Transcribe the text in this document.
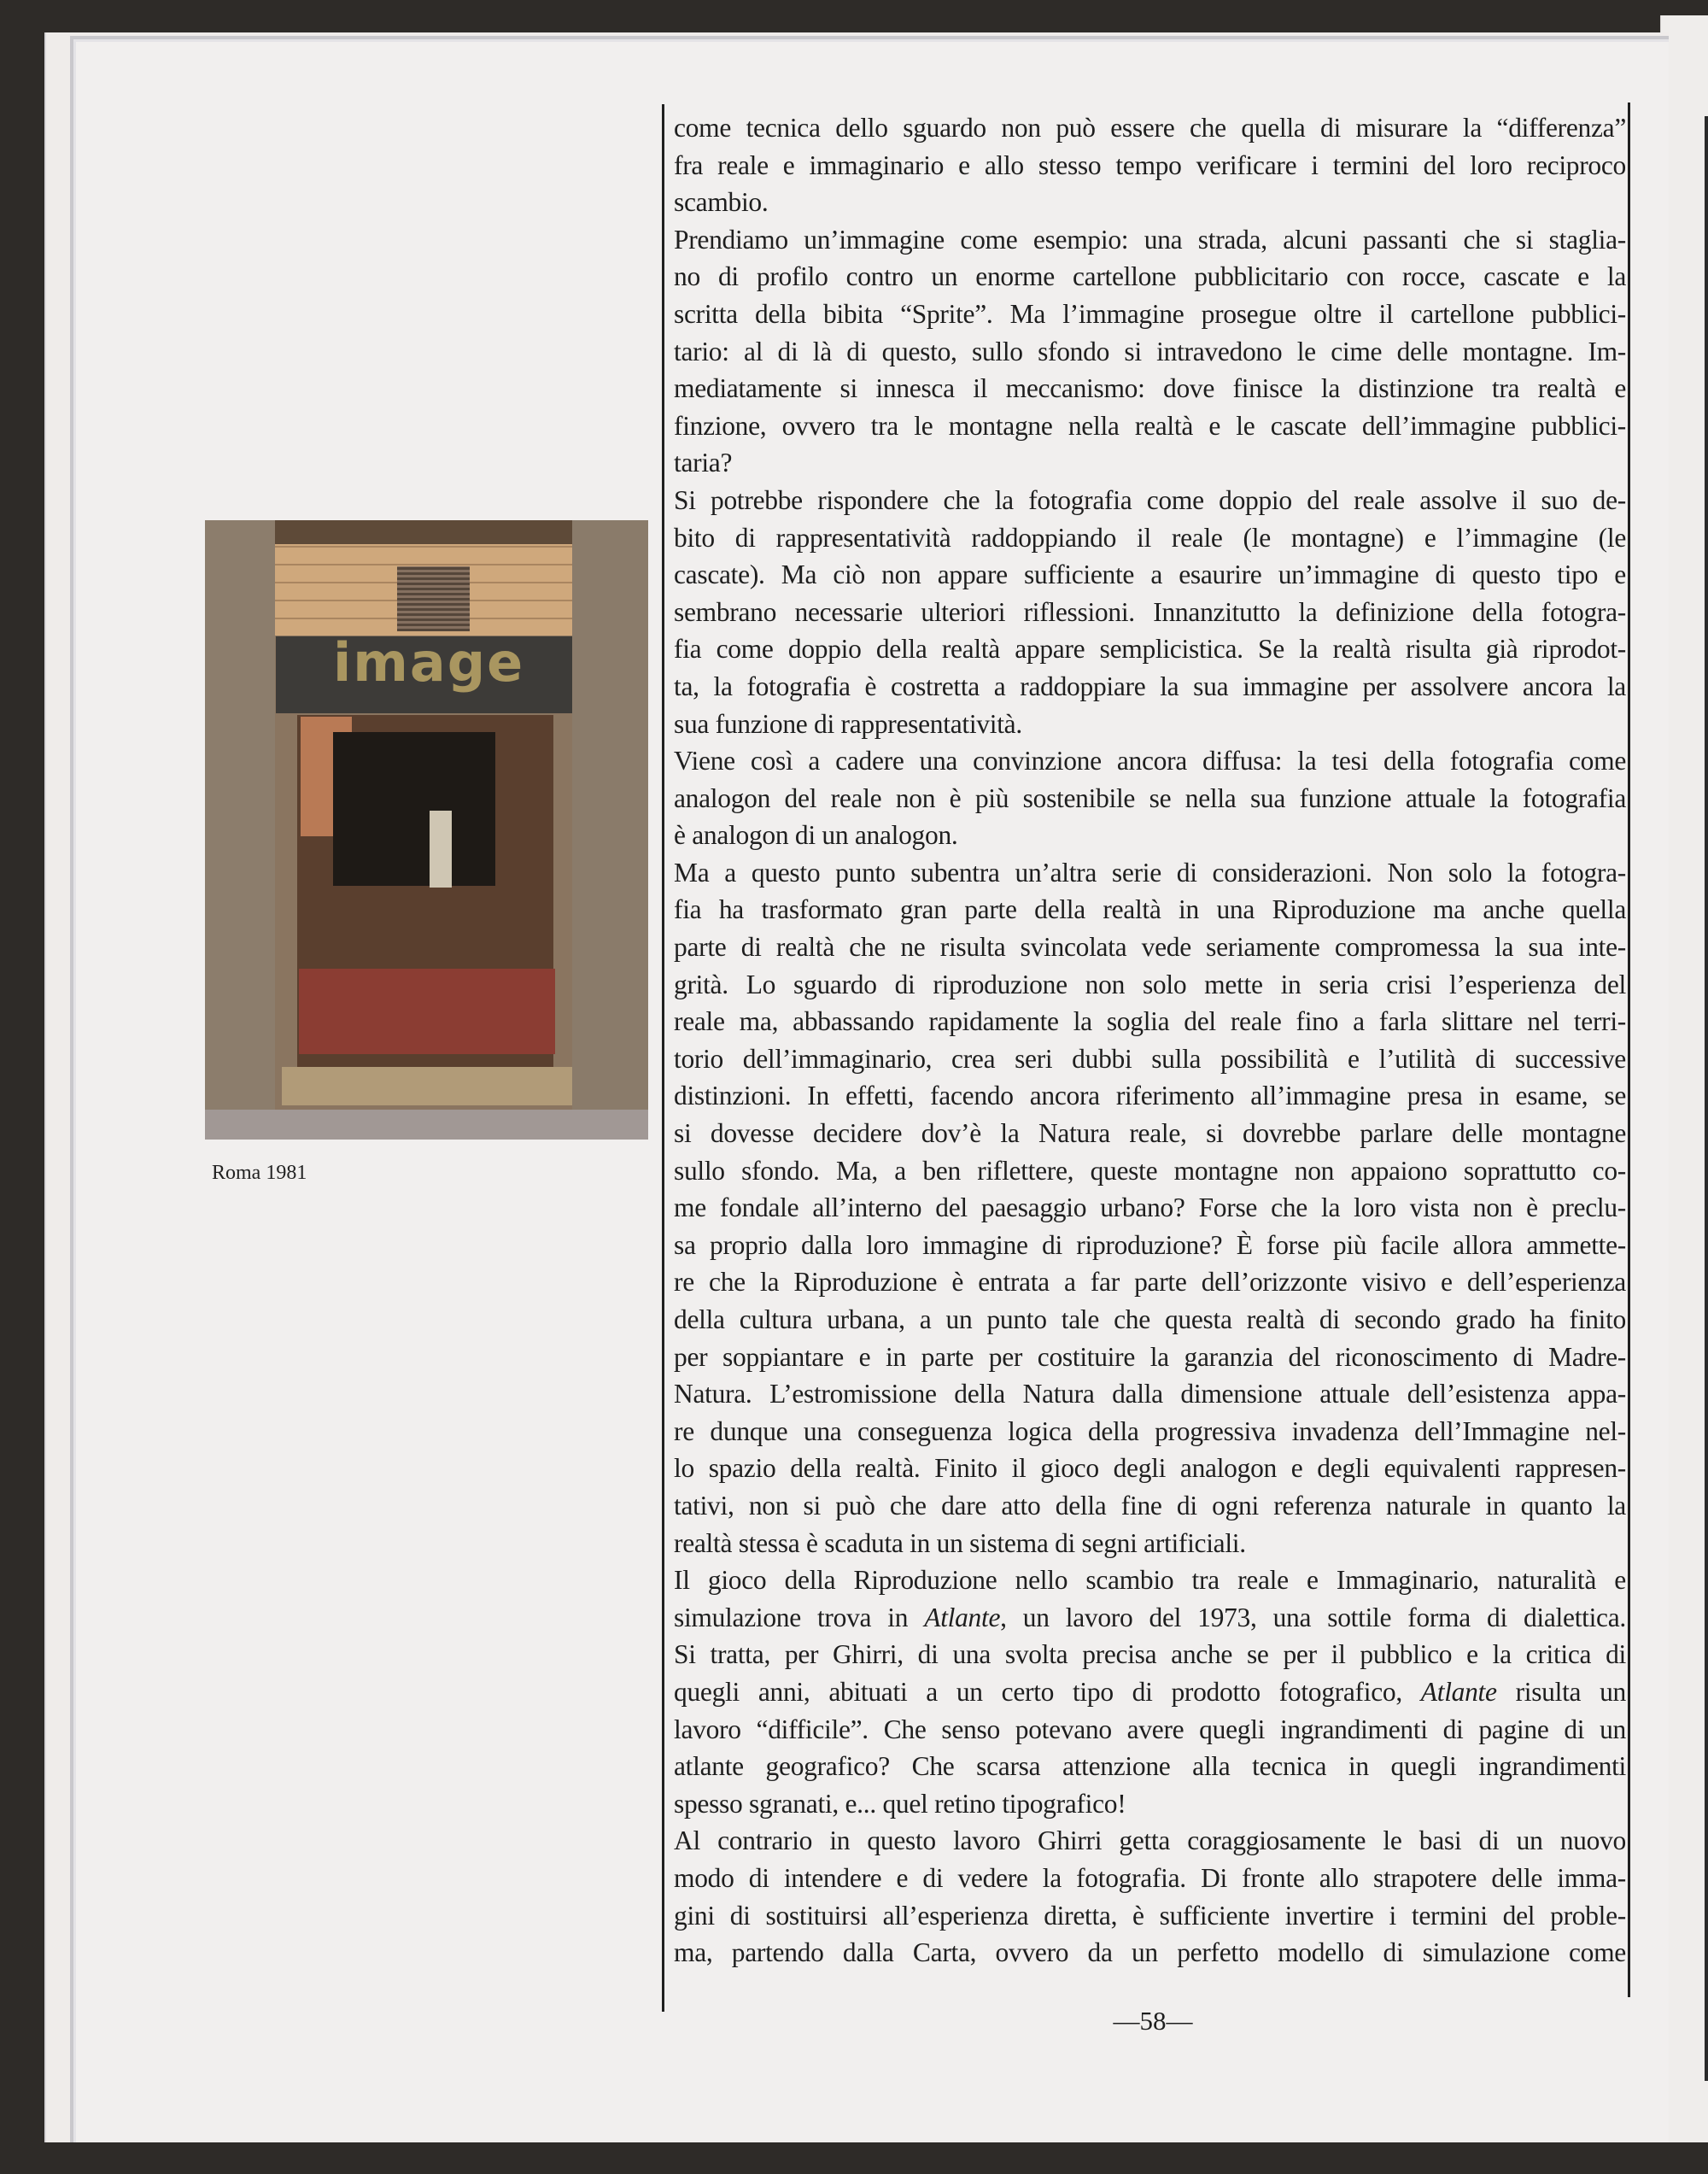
image
Roma 1981
come tecnica dello sguardo non può essere che quella di misurare la “differenza”
fra reale e immaginario e allo stesso tempo verificare i termini del loro reciproco
scambio.
Prendiamo un’immagine come esempio: una strada, alcuni passanti che si staglia-
no di profilo contro un enorme cartellone pubblicitario con rocce, cascate e la
scritta della bibita “Sprite”. Ma l’immagine prosegue oltre il cartellone pubblici-
tario: al di là di questo, sullo sfondo si intravedono le cime delle montagne. Im-
mediatamente si innesca il meccanismo: dove finisce la distinzione tra realtà e
finzione, ovvero tra le montagne nella realtà e le cascate dell’immagine pubblici-
taria?
Si potrebbe rispondere che la fotografia come doppio del reale assolve il suo de-
bito di rappresentatività raddoppiando il reale (le montagne) e l’immagine (le
cascate). Ma ciò non appare sufficiente a esaurire un’immagine di questo tipo e
sembrano necessarie ulteriori riflessioni. Innanzitutto la definizione della fotogra-
fia come doppio della realtà appare semplicistica. Se la realtà risulta già riprodot-
ta, la fotografia è costretta a raddoppiare la sua immagine per assolvere ancora la
sua funzione di rappresentatività.
Viene così a cadere una convinzione ancora diffusa: la tesi della fotografia come
analogon del reale non è più sostenibile se nella sua funzione attuale la fotografia
è analogon di un analogon.
Ma a questo punto subentra un’altra serie di considerazioni. Non solo la fotogra-
fia ha trasformato gran parte della realtà in una Riproduzione ma anche quella
parte di realtà che ne risulta svincolata vede seriamente compromessa la sua inte-
grità. Lo sguardo di riproduzione non solo mette in seria crisi l’esperienza del
reale ma, abbassando rapidamente la soglia del reale fino a farla slittare nel terri-
torio dell’immaginario, crea seri dubbi sulla possibilità e l’utilità di successive
distinzioni. In effetti, facendo ancora riferimento all’immagine presa in esame, se
si dovesse decidere dov’è la Natura reale, si dovrebbe parlare delle montagne
sullo sfondo. Ma, a ben riflettere, queste montagne non appaiono soprattutto co-
me fondale all’interno del paesaggio urbano? Forse che la loro vista non è preclu-
sa proprio dalla loro immagine di riproduzione? È forse più facile allora ammette-
re che la Riproduzione è entrata a far parte dell’orizzonte visivo e dell’esperienza
della cultura urbana, a un punto tale che questa realtà di secondo grado ha finito
per soppiantare e in parte per costituire la garanzia del riconoscimento di Madre-
Natura. L’estromissione della Natura dalla dimensione attuale dell’esistenza appa-
re dunque una conseguenza logica della progressiva invadenza dell’Immagine nel-
lo spazio della realtà. Finito il gioco degli analogon e degli equivalenti rappresen-
tativi, non si può che dare atto della fine di ogni referenza naturale in quanto la
realtà stessa è scaduta in un sistema di segni artificiali.
Il gioco della Riproduzione nello scambio tra reale e Immaginario, naturalità e
simulazione trova in Atlante, un lavoro del 1973, una sottile forma di dialettica.
Si tratta, per Ghirri, di una svolta precisa anche se per il pubblico e la critica di
quegli anni, abituati a un certo tipo di prodotto fotografico, Atlante risulta un
lavoro “difficile”. Che senso potevano avere quegli ingrandimenti di pagine di un
atlante geografico? Che scarsa attenzione alla tecnica in quegli ingrandimenti
spesso sgranati, e... quel retino tipografico!
Al contrario in questo lavoro Ghirri getta coraggiosamente le basi di un nuovo
modo di intendere e di vedere la fotografia. Di fronte allo strapotere delle imma-
gini di sostituirsi all’esperienza diretta, è sufficiente invertire i termini del proble-
ma, partendo dalla Carta, ovvero da un perfetto modello di simulazione come
—58—
